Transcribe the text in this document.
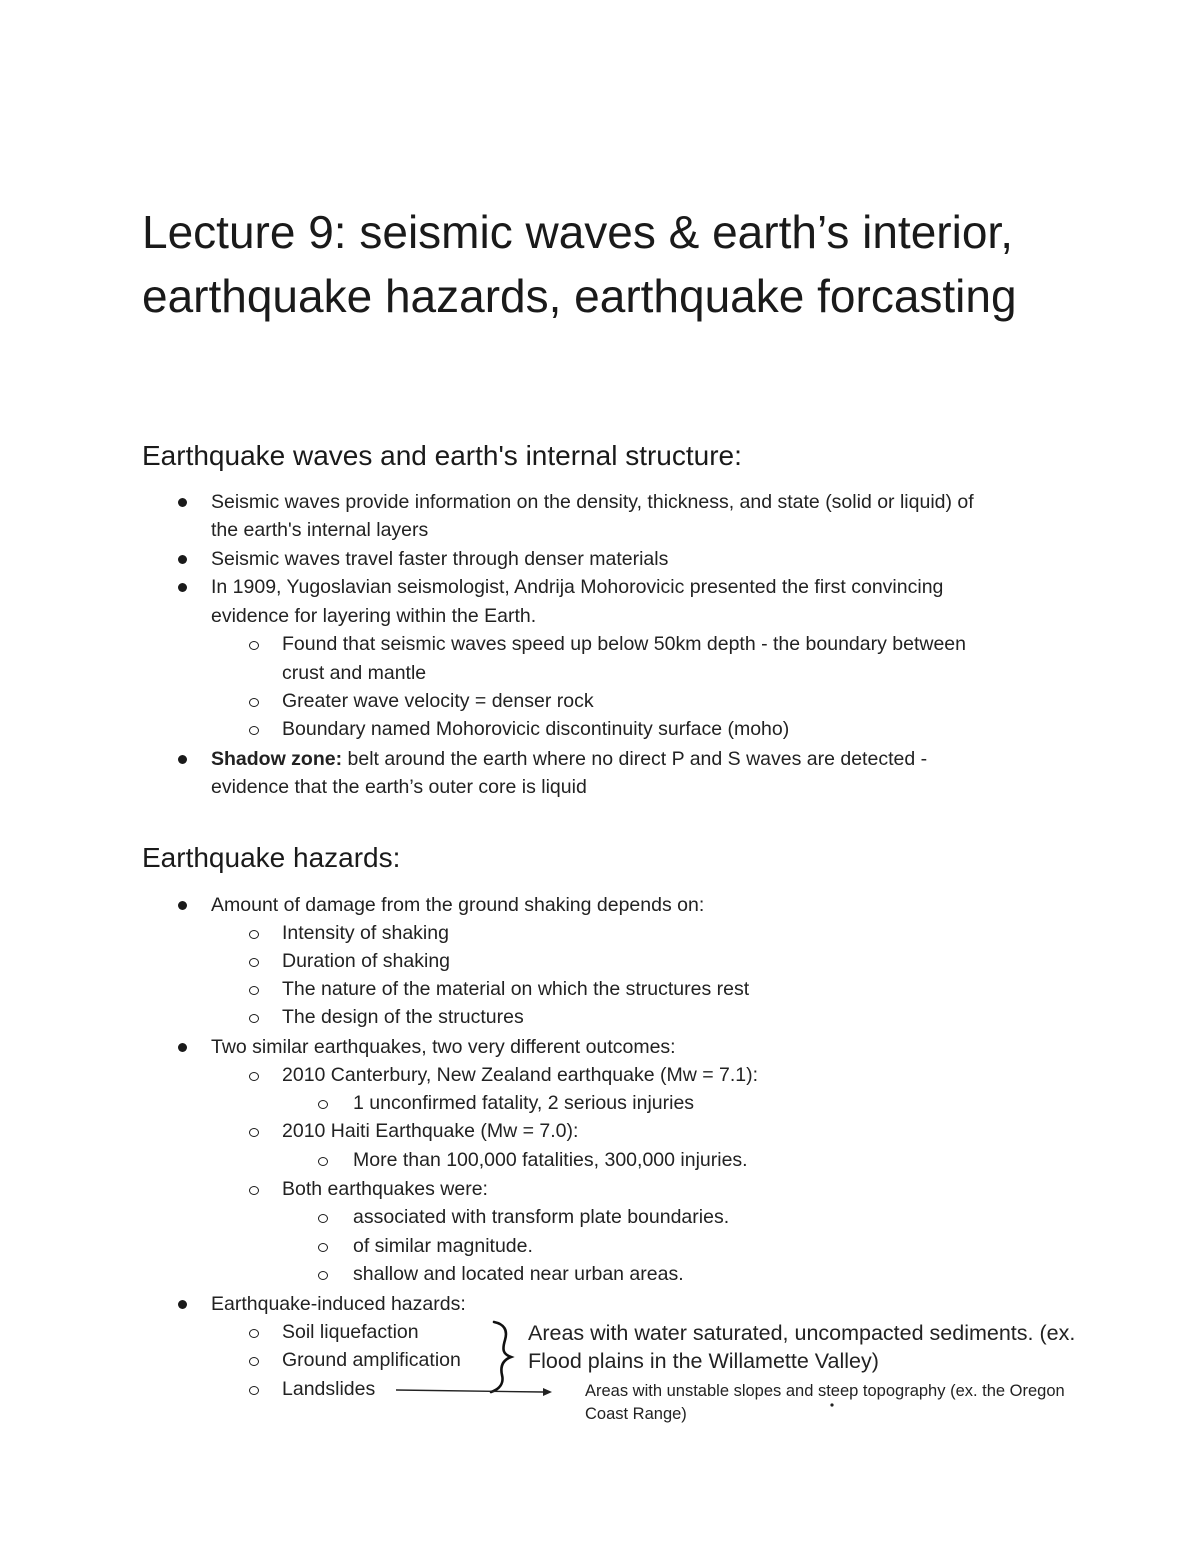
Lecture 9: seismic waves & earth’s interior, earthquake hazards, earthquake forcasting
Earthquake waves and earth's internal structure:
Seismic waves provide information on the density, thickness, and state (solid or liquid) of
the earth's internal layers
Seismic waves travel faster through denser materials
In 1909, Yugoslavian seismologist, Andrija Mohorovicic presented the first convincing
evidence for layering within the Earth.
Found that seismic waves speed up below 50km depth - the boundary between
crust and mantle
Greater wave velocity = denser rock
Boundary named Mohorovicic discontinuity surface (moho)
Shadow zone: belt around the earth where no direct P and S waves are detected -
evidence that the earth’s outer core is liquid
Earthquake hazards:
Amount of damage from the ground shaking depends on:
Intensity of shaking
Duration of shaking
The nature of the material on which the structures rest
The design of the structures
Two similar earthquakes, two very different outcomes:
2010 Canterbury, New Zealand earthquake (Mw = 7.1):
1 unconfirmed fatality, 2 serious injuries
2010 Haiti Earthquake (Mw = 7.0):
More than 100,000 fatalities, 300,000 injuries.
Both earthquakes were:
associated with transform plate boundaries.
of similar magnitude.
shallow and located near urban areas.
Earthquake-induced hazards:
Soil liquefaction
Ground amplification
Landslides
Areas with water saturated, uncompacted sediments. (ex.
Flood plains in the Willamette Valley)
Areas with unstable slopes and steep topography (ex. the Oregon
Coast Range)
